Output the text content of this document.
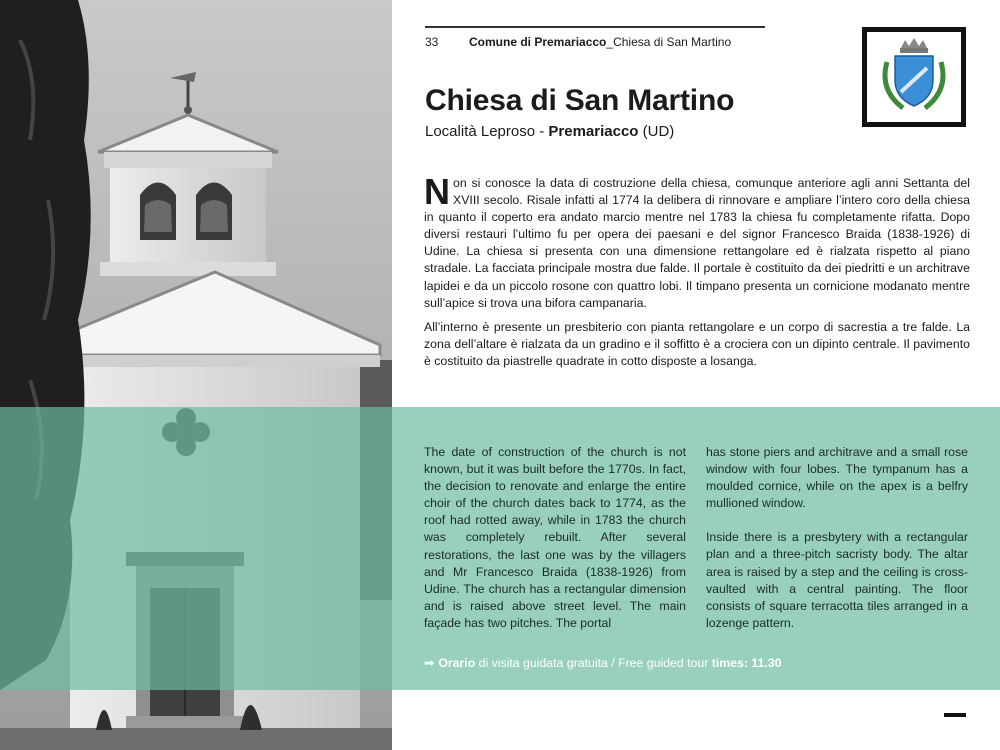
33	Comune di Premariacco_Chiesa di San Martino
Chiesa di San Martino
Località Leproso - Premariacco (UD)

Non si conosce la data di costruzione della chiesa, comunque anteriore agli anni Settanta del XVIII secolo. Risale infatti al 1774 la delibera di rinnovare e ampliare l’intero coro della chiesa in quanto il coperto era andato marcio mentre nel 1783 la chiesa fu completamente rifatta. Dopo diversi restauri l’ultimo fu per opera dei paesani e del signor Francesco Braida (1838-1926) di Udine. La chiesa si presenta con una dimensione rettangolare ed è rialzata rispetto al piano stradale. La facciata principale mostra due falde. Il portale è costituito da dei piedritti e un architrave lapidei e da un piccolo rosone con quattro lobi. Il timpano presenta un cornicione modanato mentre sull’apice si trova una bifora campanaria.

All’interno è presente un presbiterio con pianta rettangolare e un corpo di sacrestia a tre falde. La zona dell’altare è rialzata da un gradino e il soffitto è a crociera con un dipinto centrale. Il pavimento è costituito da piastrelle quadrate in cotto disposte a losanga.

The date of construction of the church is not known, but it was built before the 1770s. In fact, the decision to renovate and enlarge the entire choir of the church dates back to 1774, as the roof had rotted away, while in 1783 the church was completely rebuilt. After several restorations, the last one was by the villagers and Mr Francesco Braida (1838-1926) from Udine. The church has a rectangular dimension and is raised above street level. The main façade has two pitches. The portal

has stone piers and architrave and a small rose window with four lobes. The tympanum has a moulded cornice, while on the apex is a belfry mullioned window.

Inside there is a presbytery with a rectangular plan and a three-pitch sacristy body. The altar area is raised by a step and the ceiling is cross-vaulted with a central painting. The floor consists of square terracotta tiles arranged in a lozenge pattern.

➡ Orario di visita guidata gratuita / Free guided tour times: 11.30
